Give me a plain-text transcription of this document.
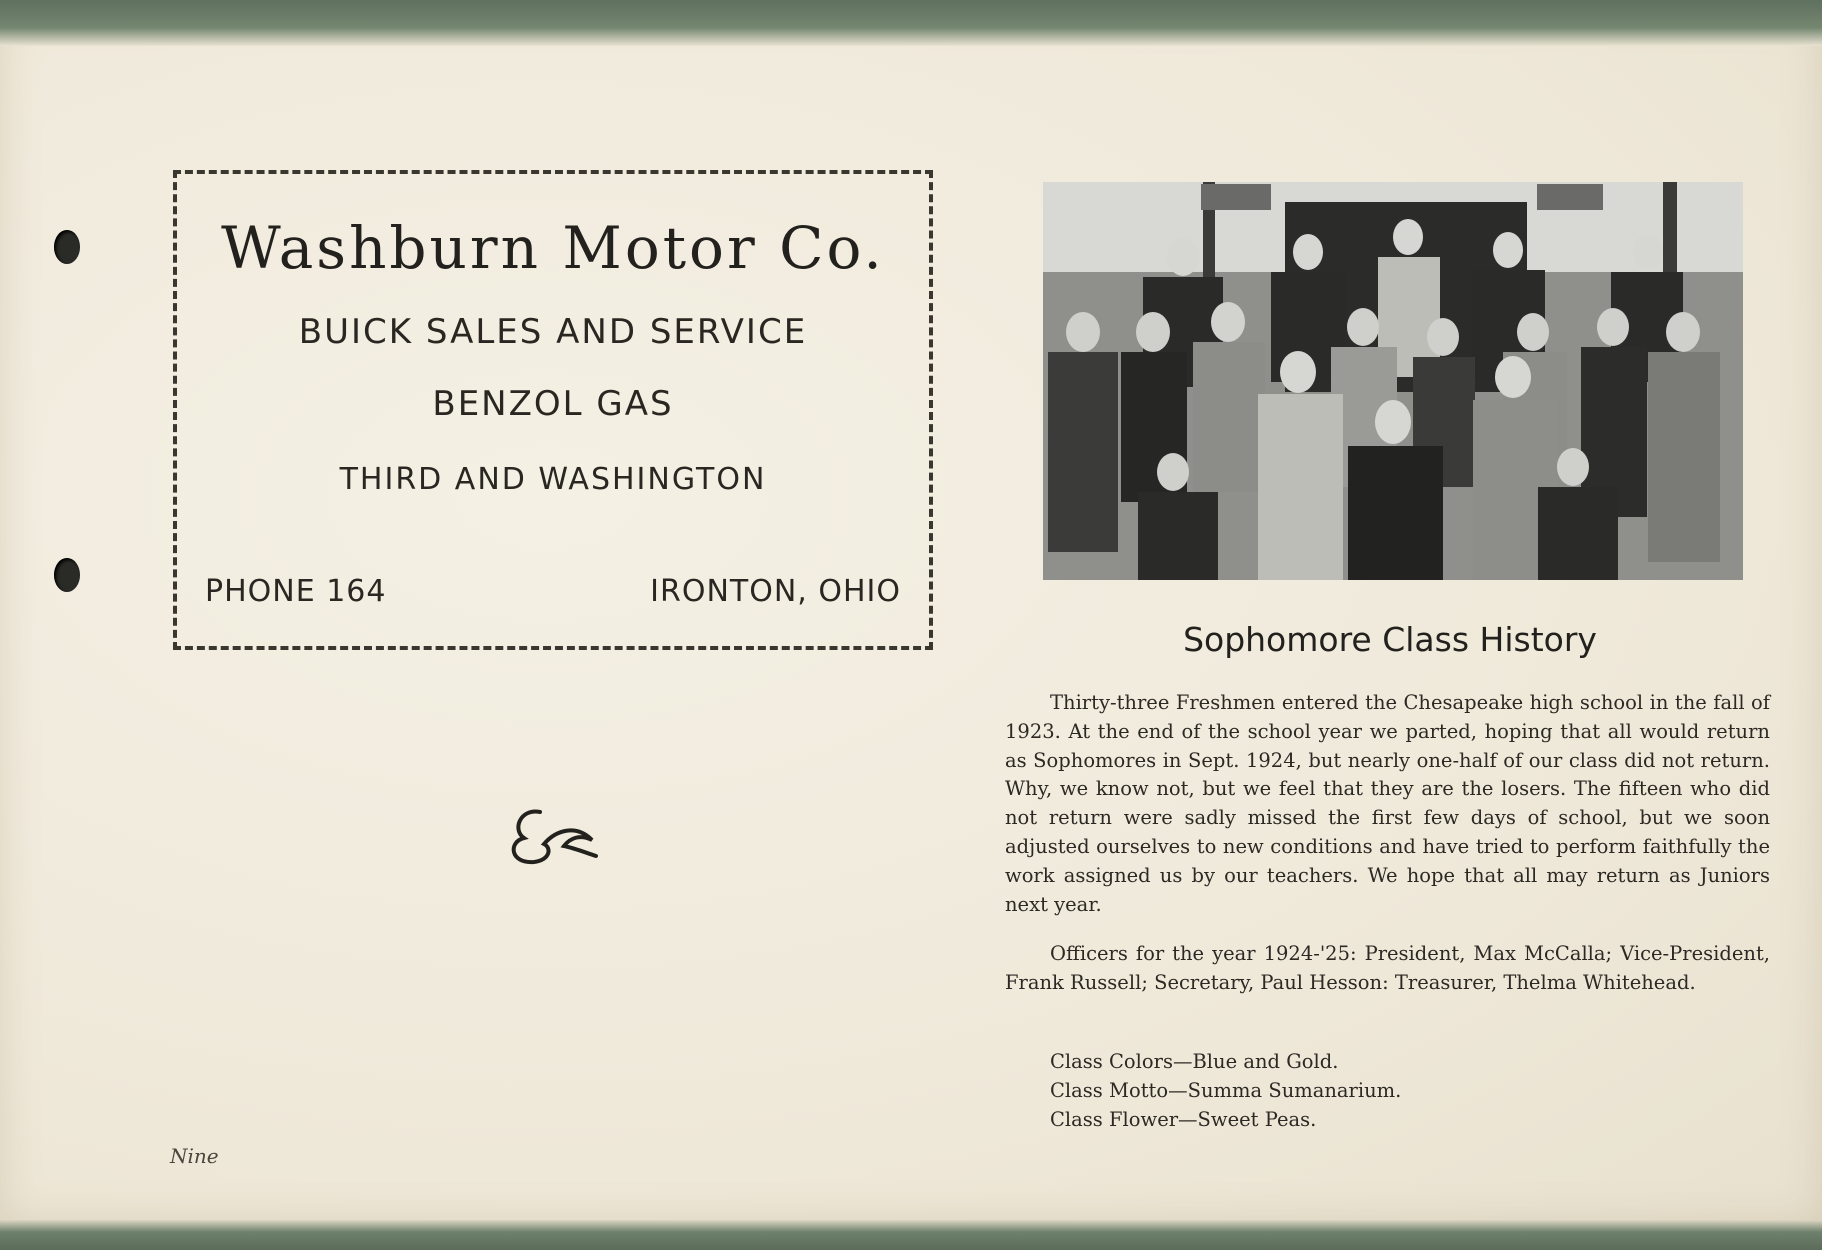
Washburn Motor Co.
BUICK SALES AND SERVICE
BENZOL GAS
THIRD AND WASHINGTON
PHONE 164	IRONTON, OHIO
Nine
Sophomore Class History
Thirty-three Freshmen entered the Chesapeake high school in the fall of 1923. At the end of the school year we parted, hoping that all would return as Sophomores in Sept. 1924, but nearly one-half of our class did not return. Why, we know not, but we feel that they are the losers. The fifteen who did not return were sadly missed the first few days of school, but we soon adjusted ourselves to new conditions and have tried to perform faithfully the work assigned us by our teachers. We hope that all may return as Juniors next year.
Officers for the year 1924-'25: President, Max McCalla; Vice-President, Frank Russell; Secretary, Paul Hesson: Treasurer, Thelma Whitehead.
Class Colors—Blue and Gold.
Class Motto—Summa Sumanarium.
Class Flower—Sweet Peas.
